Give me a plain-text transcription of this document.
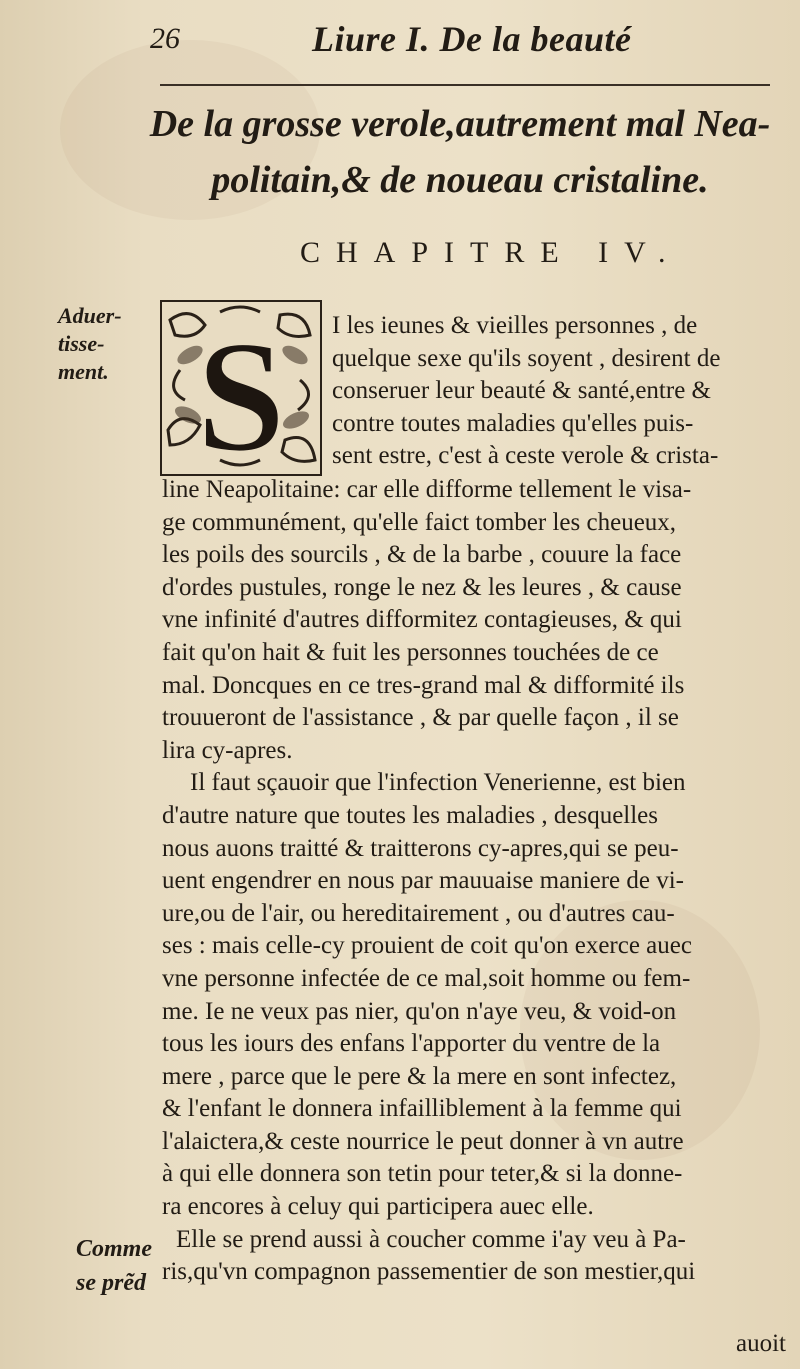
26	Liure I. De la beauté
De la grosse verole,autrement mal Nea-
politain,& de noueau cristaline.
CHAPITRE IV.
Aduer-
tisse-
ment. S I les ieunes & vieilles personnes , de
quelque sexe qu'ils soyent , desirent de
conseruer leur beauté & santé,entre &
contre toutes maladies qu'elles puis-
sent estre, c'est à ceste verole & crista-
line Neapolitaine: car elle difforme tellement le visa-
ge communément, qu'elle faict tomber les cheueux,
les poils des sourcils , & de la barbe , couure la face
d'ordes pustules, ronge le nez & les leures , & cause
vne infinité d'autres difformitez contagieuses, & qui
fait qu'on hait & fuit les personnes touchées de ce
mal. Doncques en ce tres-grand mal & difformité ils
trouueront de l'assistance , & par quelle façon , il se
lira cy-apres.
Il faut sçauoir que l'infection Venerienne, est bien
d'autre nature que toutes les maladies , desquelles
nous auons traitté & traitterons cy-apres,qui se peu-
uent engendrer en nous par mauuaise maniere de vi-
ure,ou de l'air, ou hereditairement , ou d'autres cau-
ses : mais celle-cy prouient de coit qu'on exerce auec
vne personne infectée de ce mal,soit homme ou fem-
me. Ie ne veux pas nier, qu'on n'aye veu, & void-on
tous les iours des enfans l'apporter du ventre de la
mere , parce que le pere & la mere en sont infectez,
& l'enfant le donnera infailliblement à la femme qui
l'alaictera,& ceste nourrice le peut donner à vn autre
à qui elle donnera son tetin pour teter,& si la donne-
ra encores à celuy qui participera auec elle.
Elle se prend aussi à coucher comme i'ay veu à Pa-
ris,qu'vn compagnon passementier de son mestier,qui
Comme
se prẽd
auoit
